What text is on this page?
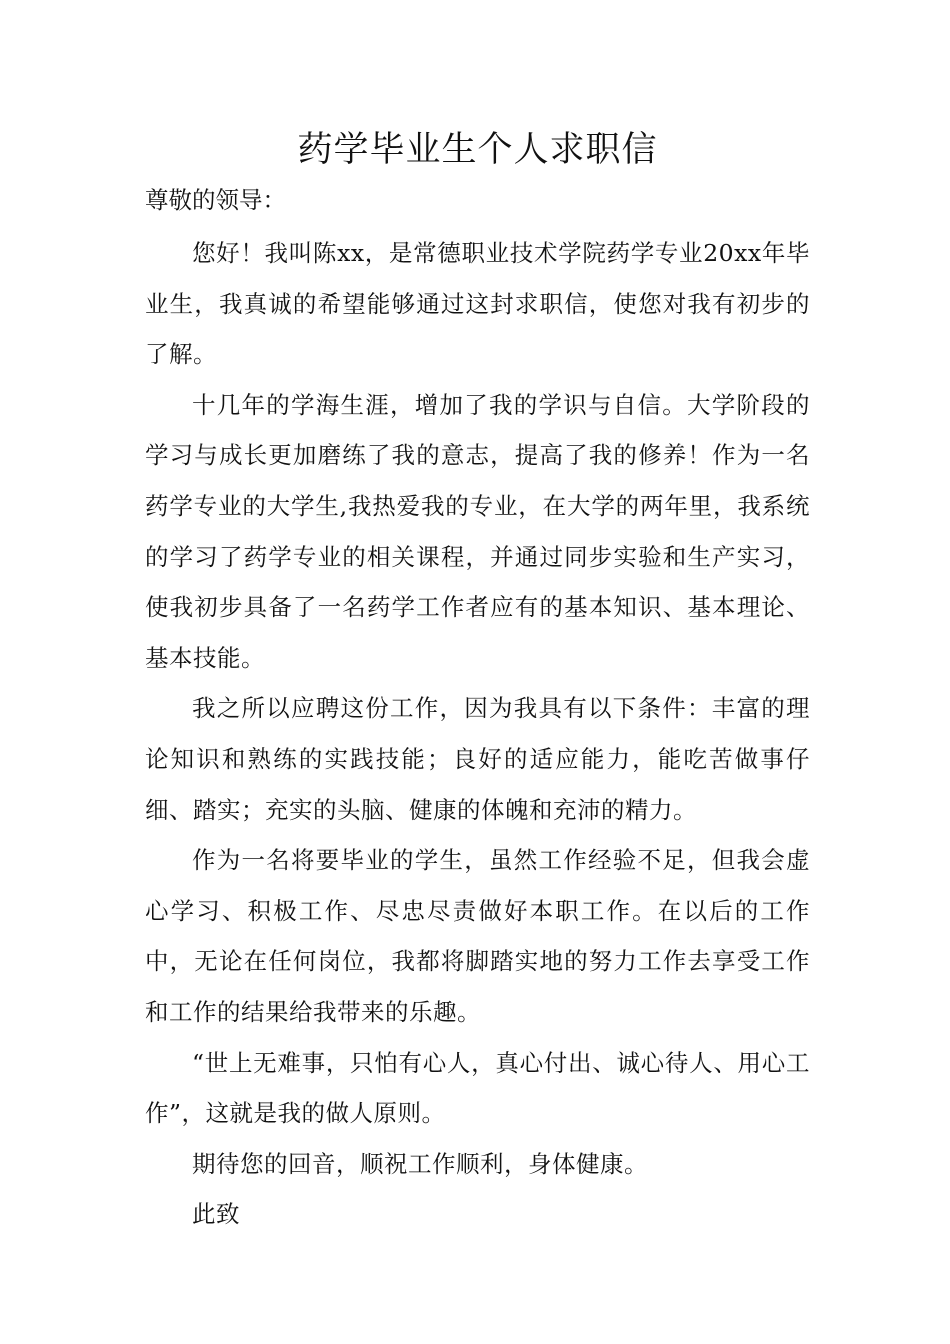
药学毕业生个人求职信

尊敬的领导：

您好！我叫陈xx，是常德职业技术学院药学专业20xx年毕业生，我真诚的希望能够通过这封求职信，使您对我有初步的了解。

十几年的学海生涯，增加了我的学识与自信。大学阶段的学习与成长更加磨练了我的意志，提高了我的修养！作为一名药学专业的大学生,我热爱我的专业，在大学的两年里，我系统的学习了药学专业的相关课程，并通过同步实验和生产实习，使我初步具备了一名药学工作者应有的基本知识、基本理论、基本技能。

我之所以应聘这份工作，因为我具有以下条件：丰富的理论知识和熟练的实践技能；良好的适应能力，能吃苦做事仔细、踏实；充实的头脑、健康的体魄和充沛的精力。

作为一名将要毕业的学生，虽然工作经验不足，但我会虚心学习、积极工作、尽忠尽责做好本职工作。在以后的工作中，无论在任何岗位，我都将脚踏实地的努力工作去享受工作和工作的结果给我带来的乐趣。

“世上无难事，只怕有心人，真心付出、诚心待人、用心工作”，这就是我的做人原则。

期待您的回音，顺祝工作顺利，身体健康。

此致
